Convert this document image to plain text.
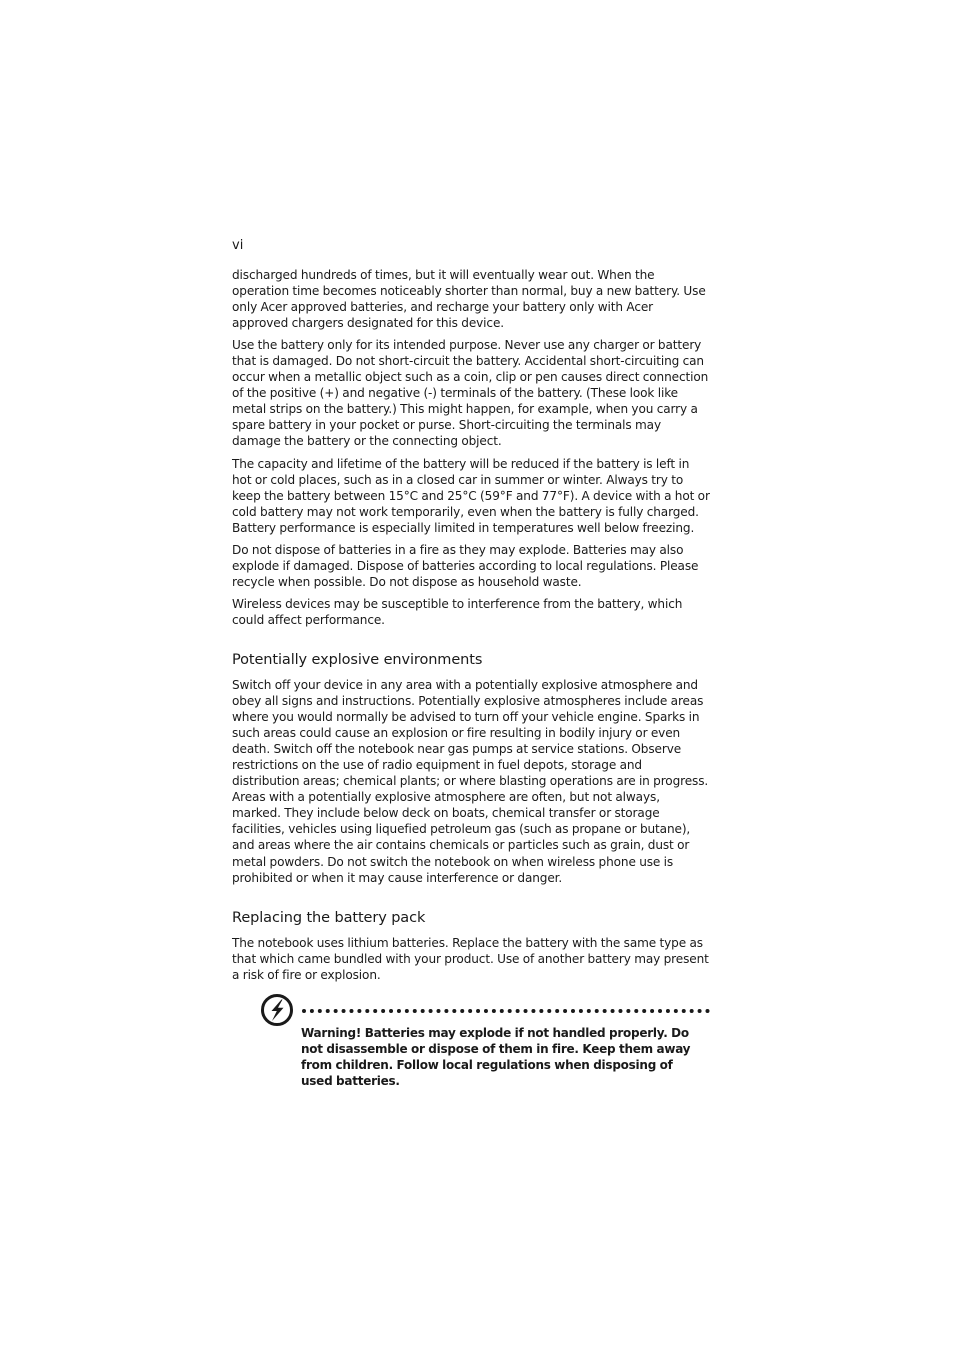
vi

discharged hundreds of times, but it will eventually wear out. When the operation time becomes noticeably shorter than normal, buy a new battery. Use only Acer approved batteries, and recharge your battery only with Acer approved chargers designated for this device.

Use the battery only for its intended purpose. Never use any charger or battery that is damaged. Do not short-circuit the battery. Accidental short-circuiting can occur when a metallic object such as a coin, clip or pen causes direct connection of the positive (+) and negative (-) terminals of the battery. (These look like metal strips on the battery.) This might happen, for example, when you carry a spare battery in your pocket or purse. Short-circuiting the terminals may damage the battery or the connecting object.

The capacity and lifetime of the battery will be reduced if the battery is left in hot or cold places, such as in a closed car in summer or winter. Always try to keep the battery between 15°C and 25°C (59°F and 77°F). A device with a hot or cold battery may not work temporarily, even when the battery is fully charged. Battery performance is especially limited in temperatures well below freezing.

Do not dispose of batteries in a fire as they may explode. Batteries may also explode if damaged. Dispose of batteries according to local regulations. Please recycle when possible. Do not dispose as household waste.

Wireless devices may be susceptible to interference from the battery, which could affect performance.

Potentially explosive environments

Switch off your device in any area with a potentially explosive atmosphere and obey all signs and instructions. Potentially explosive atmospheres include areas where you would normally be advised to turn off your vehicle engine. Sparks in such areas could cause an explosion or fire resulting in bodily injury or even death. Switch off the notebook near gas pumps at service stations. Observe restrictions on the use of radio equipment in fuel depots, storage and distribution areas; chemical plants; or where blasting operations are in progress. Areas with a potentially explosive atmosphere are often, but not always, marked. They include below deck on boats, chemical transfer or storage facilities, vehicles using liquefied petroleum gas (such as propane or butane), and areas where the air contains chemicals or particles such as grain, dust or metal powders. Do not switch the notebook on when wireless phone use is prohibited or when it may cause interference or danger.

Replacing the battery pack

The notebook uses lithium batteries. Replace the battery with the same type as that which came bundled with your product. Use of another battery may present a risk of fire or explosion.

Warning! Batteries may explode if not handled properly. Do not disassemble or dispose of them in fire. Keep them away from children. Follow local regulations when disposing of used batteries.
